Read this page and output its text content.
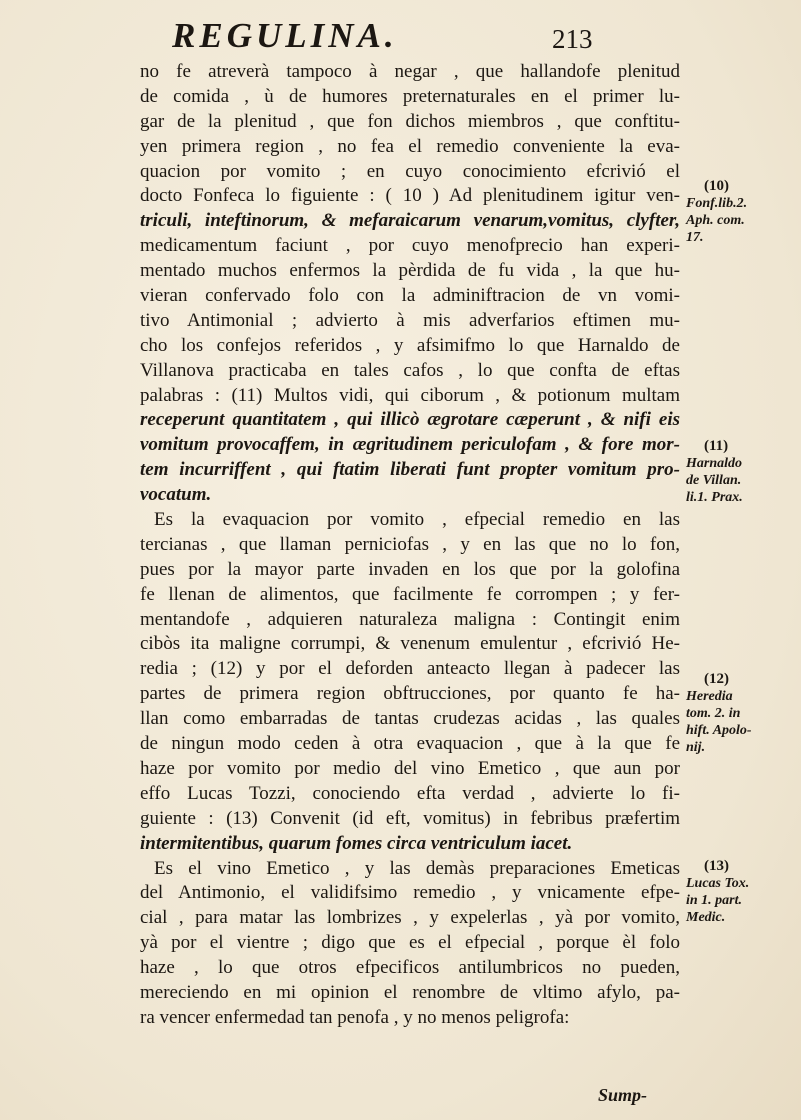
REGULINA.	213
no fe atreverà tampoco à negar , que hallandofe plenitud
de comida , ù de humores preternaturales en el primer lu-
gar de la plenitud , que fon dichos miembros , que conftitu-
yen primera region , no fea el remedio conveniente la eva-
quacion por vomito ; en cuyo conocimiento efcrivió el
docto Fonfeca lo figuiente : ( 10 ) Ad plenitudinem igitur ven-
triculi, inteftinorum, & mefaraicarum venarum,vomitus, clyfter,
medicamentum faciunt , por cuyo menofprecio han experi-
mentado muchos enfermos la pèrdida de fu vida , la que hu-
vieran confervado folo con la adminiftracion de vn vomi-
tivo Antimonial ; advierto à mis adverfarios eftimen mu-
cho los confejos referidos , y afsimifmo lo que Harnaldo de
Villanova practicaba en tales cafos , lo que confta de eftas
palabras : (11) Multos vidi, qui ciborum , & potionum multam
receperunt quantitatem , qui illicò ægrotare cæperunt , & nifi eis
vomitum provocaffem, in ægritudinem periculofam , & fore mor-
tem incurriffent , qui ftatim liberati funt propter vomitum pro-
vocatum.
Es la evaquacion por vomito , efpecial remedio en las
tercianas , que llaman perniciofas , y en las que no lo fon,
pues por la mayor parte invaden en los que por la golofina
fe llenan de alimentos, que facilmente fe corrompen ; y fer-
mentandofe , adquieren naturaleza maligna : Contingit enim
cibòs ita maligne corrumpi, & venenum emulentur , efcrivió He-
redia ; (12) y por el deforden anteacto llegan à padecer las
partes de primera region obftrucciones, por quanto fe ha-
llan como embarradas de tantas crudezas acidas , las quales
de ningun modo ceden à otra evaquacion , que à la que fe
haze por vomito por medio del vino Emetico , que aun por
effo Lucas Tozzi, conociendo efta verdad , advierte lo fi-
guiente : (13) Convenit (id eft, vomitus) in febribus præfertim
intermitentibus, quarum fomes circa ventriculum iacet.
Es el vino Emetico , y las demàs preparaciones Emeticas
del Antimonio, el validifsimo remedio , y vnicamente efpe-
cial , para matar las lombrizes , y expelerlas , yà por vomito,
yà por el vientre ; digo que es el efpecial , porque èl folo
haze , lo que otros efpecificos antilumbricos no pueden,
mereciendo en mi opinion el renombre de vltimo afylo, pa-
ra vencer enfermedad tan penofa , y no menos peligrofa:
(10)
Fonf.lib.2.
Aph. com.
17.
(11)
Harnaldo
de Villan.
li.1. Prax.
(12)
Heredia
tom. 2. in
hift. Apolo-
nij.
(13)
Lucas Tox.
in 1. part.
Medic.
Sump-
